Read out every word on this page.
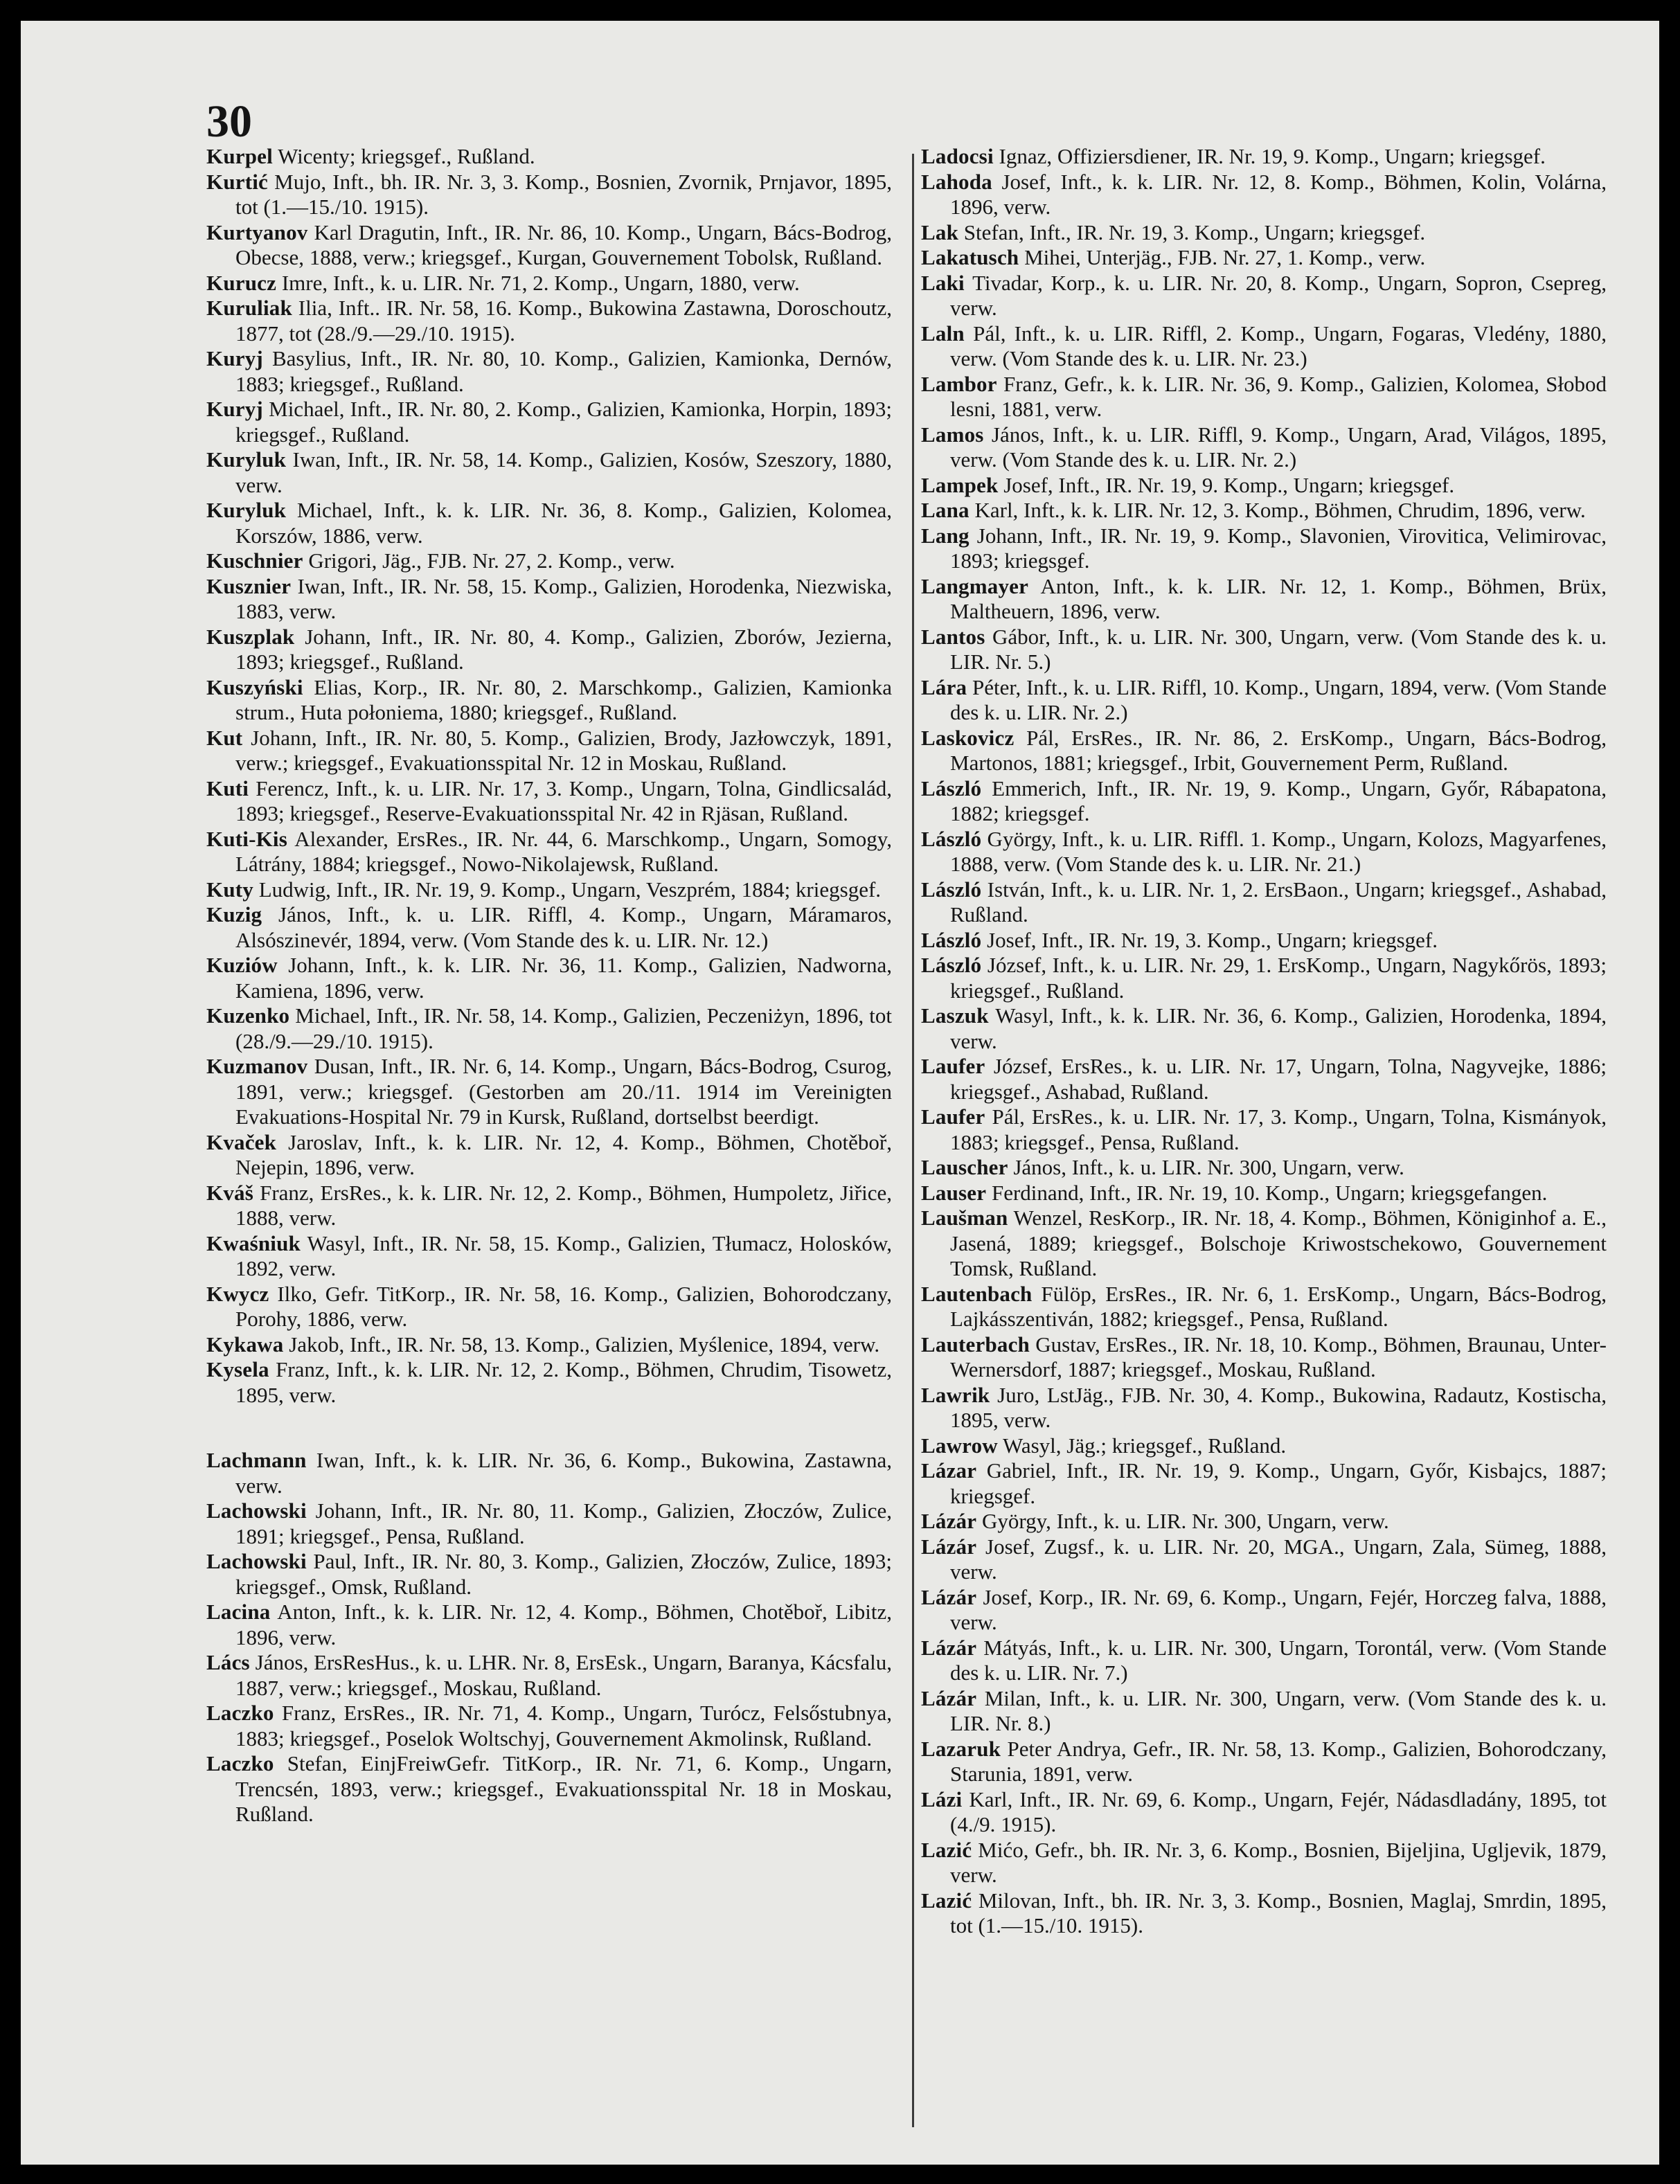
30

Kurpel Wicenty; kriegsgef., Rußland.

Kurtić Mujo, Inft., bh. IR. Nr. 3, 3. Komp., Bosnien, Zvornik, Prnjavor, 1895, tot (1.—15./10. 1915).

Kurtyanov Karl Dragutin, Inft., IR. Nr. 86, 10. Komp., Ungarn, Bács-Bodrog, Obecse, 1888, verw.; kriegsgef., Kurgan, Gouvernement Tobolsk, Rußland.

Kurucz Imre, Inft., k. u. LIR. Nr. 71, 2. Komp., Ungarn, 1880, verw.

Kuruliak Ilia, Inft.. IR. Nr. 58, 16. Komp., Bukowina Zastawna, Doroschoutz, 1877, tot (28./9.—29./10. 1915).

Kuryj Basylius, Inft., IR. Nr. 80, 10. Komp., Galizien, Kamionka, Dernów, 1883; kriegsgef., Rußland.

Kuryj Michael, Inft., IR. Nr. 80, 2. Komp., Galizien, Kamionka, Horpin, 1893; kriegsgef., Rußland.

Kuryluk Iwan, Inft., IR. Nr. 58, 14. Komp., Galizien, Kosów, Szeszory, 1880, verw.

Kuryluk Michael, Inft., k. k. LIR. Nr. 36, 8. Komp., Galizien, Kolomea, Korszów, 1886, verw.

Kuschnier Grigori, Jäg., FJB. Nr. 27, 2. Komp., verw.

Kusznier Iwan, Inft., IR. Nr. 58, 15. Komp., Galizien, Horodenka, Niezwiska, 1883, verw.

Kuszplak Johann, Inft., IR. Nr. 80, 4. Komp., Galizien, Zborów, Jezierna, 1893; kriegsgef., Rußland.

Kuszyński Elias, Korp., IR. Nr. 80, 2. Marschkomp., Galizien, Kamionka strum., Huta połoniema, 1880; kriegsgef., Rußland.

Kut Johann, Inft., IR. Nr. 80, 5. Komp., Galizien, Brody, Jazłowczyk, 1891, verw.; kriegsgef., Evakuationsspital Nr. 12 in Moskau, Rußland.

Kuti Ferencz, Inft., k. u. LIR. Nr. 17, 3. Komp., Ungarn, Tolna, Gindlicsalád, 1893; kriegsgef., Reserve-Evakuationsspital Nr. 42 in Rjäsan, Rußland.

Kuti-Kis Alexander, ErsRes., IR. Nr. 44, 6. Marschkomp., Ungarn, Somogy, Látrány, 1884; kriegsgef., Nowo-Nikolajewsk, Rußland.

Kuty Ludwig, Inft., IR. Nr. 19, 9. Komp., Ungarn, Veszprém, 1884; kriegsgef.

Kuzig János, Inft., k. u. LIR. Riffl, 4. Komp., Ungarn, Máramaros, Alsószinevér, 1894, verw. (Vom Stande des k. u. LIR. Nr. 12.)

Kuziów Johann, Inft., k. k. LIR. Nr. 36, 11. Komp., Galizien, Nadworna, Kamiena, 1896, verw.

Kuzenko Michael, Inft., IR. Nr. 58, 14. Komp., Galizien, Peczeniżyn, 1896, tot (28./9.—29./10. 1915).

Kuzmanov Dusan, Inft., IR. Nr. 6, 14. Komp., Ungarn, Bács-Bodrog, Csurog, 1891, verw.; kriegsgef. (Gestorben am 20./11. 1914 im Vereinigten Evakuations-Hospital Nr. 79 in Kursk, Rußland, dortselbst beerdigt.

Kvaček Jaroslav, Inft., k. k. LIR. Nr. 12, 4. Komp., Böhmen, Chotěboř, Nejepin, 1896, verw.

Kváš Franz, ErsRes., k. k. LIR. Nr. 12, 2. Komp., Böhmen, Humpoletz, Jiřice, 1888, verw.

Kwaśniuk Wasyl, Inft., IR. Nr. 58, 15. Komp., Galizien, Tłumacz, Holosków, 1892, verw.

Kwycz Ilko, Gefr. TitKorp., IR. Nr. 58, 16. Komp., Galizien, Bohorodczany, Porohy, 1886, verw.

Kykawa Jakob, Inft., IR. Nr. 58, 13. Komp., Galizien, Myślenice, 1894, verw.

Kysela Franz, Inft., k. k. LIR. Nr. 12, 2. Komp., Böhmen, Chrudim, Tisowetz, 1895, verw.

Lachmann Iwan, Inft., k. k. LIR. Nr. 36, 6. Komp., Bukowina, Zastawna, verw.

Lachowski Johann, Inft., IR. Nr. 80, 11. Komp., Galizien, Złoczów, Zulice, 1891; kriegsgef., Pensa, Rußland.

Lachowski Paul, Inft., IR. Nr. 80, 3. Komp., Galizien, Złoczów, Zulice, 1893; kriegsgef., Omsk, Rußland.

Lacina Anton, Inft., k. k. LIR. Nr. 12, 4. Komp., Böhmen, Chotěboř, Libitz, 1896, verw.

Lács János, ErsResHus., k. u. LHR. Nr. 8, ErsEsk., Ungarn, Baranya, Kácsfalu, 1887, verw.; kriegsgef., Moskau, Rußland.

Laczko Franz, ErsRes., IR. Nr. 71, 4. Komp., Ungarn, Turócz, Felsőstubnya, 1883; kriegsgef., Poselok Woltschyj, Gouvernement Akmolinsk, Rußland.

Laczko Stefan, EinjFreiwGefr. TitKorp., IR. Nr. 71, 6. Komp., Ungarn, Trencsén, 1893, verw.; kriegsgef., Evakuationsspital Nr. 18 in Moskau, Rußland.

Ladocsi Ignaz, Offiziersdiener, IR. Nr. 19, 9. Komp., Ungarn; kriegsgef.

Lahoda Josef, Inft., k. k. LIR. Nr. 12, 8. Komp., Böhmen, Kolin, Volárna, 1896, verw.

Lak Stefan, Inft., IR. Nr. 19, 3. Komp., Ungarn; kriegsgef.

Lakatusch Mihei, Unterjäg., FJB. Nr. 27, 1. Komp., verw.

Laki Tivadar, Korp., k. u. LIR. Nr. 20, 8. Komp., Ungarn, Sopron, Csepreg, verw.

Laln Pál, Inft., k. u. LIR. Riffl, 2. Komp., Ungarn, Fogaras, Vledény, 1880, verw. (Vom Stande des k. u. LIR. Nr. 23.)

Lambor Franz, Gefr., k. k. LIR. Nr. 36, 9. Komp., Galizien, Kolomea, Słobod lesni, 1881, verw.

Lamos János, Inft., k. u. LIR. Riffl, 9. Komp., Ungarn, Arad, Világos, 1895, verw. (Vom Stande des k. u. LIR. Nr. 2.)

Lampek Josef, Inft., IR. Nr. 19, 9. Komp., Ungarn; kriegsgef.

Lana Karl, Inft., k. k. LIR. Nr. 12, 3. Komp., Böhmen, Chrudim, 1896, verw.

Lang Johann, Inft., IR. Nr. 19, 9. Komp., Slavonien, Virovitica, Velimirovac, 1893; kriegsgef.

Langmayer Anton, Inft., k. k. LIR. Nr. 12, 1. Komp., Böhmen, Brüx, Maltheuern, 1896, verw.

Lantos Gábor, Inft., k. u. LIR. Nr. 300, Ungarn, verw. (Vom Stande des k. u. LIR. Nr. 5.)

Lára Péter, Inft., k. u. LIR. Riffl, 10. Komp., Ungarn, 1894, verw. (Vom Stande des k. u. LIR. Nr. 2.)

Laskovicz Pál, ErsRes., IR. Nr. 86, 2. ErsKomp., Ungarn, Bács-Bodrog, Martonos, 1881; kriegsgef., Irbit, Gouvernement Perm, Rußland.

László Emmerich, Inft., IR. Nr. 19, 9. Komp., Ungarn, Győr, Rábapatona, 1882; kriegsgef.

László György, Inft., k. u. LIR. Riffl. 1. Komp., Ungarn, Kolozs, Magyarfenes, 1888, verw. (Vom Stande des k. u. LIR. Nr. 21.)

László István, Inft., k. u. LIR. Nr. 1, 2. ErsBaon., Ungarn; kriegsgef., Ashabad, Rußland.

László Josef, Inft., IR. Nr. 19, 3. Komp., Ungarn; kriegsgef.

László József, Inft., k. u. LIR. Nr. 29, 1. ErsKomp., Ungarn, Nagykőrös, 1893; kriegsgef., Rußland.

Laszuk Wasyl, Inft., k. k. LIR. Nr. 36, 6. Komp., Galizien, Horodenka, 1894, verw.

Laufer József, ErsRes., k. u. LIR. Nr. 17, Ungarn, Tolna, Nagyvejke, 1886; kriegsgef., Ashabad, Rußland.

Laufer Pál, ErsRes., k. u. LIR. Nr. 17, 3. Komp., Ungarn, Tolna, Kismányok, 1883; kriegsgef., Pensa, Rußland.

Lauscher János, Inft., k. u. LIR. Nr. 300, Ungarn, verw.

Lauser Ferdinand, Inft., IR. Nr. 19, 10. Komp., Ungarn; kriegsgefangen.

Laušman Wenzel, ResKorp., IR. Nr. 18, 4. Komp., Böhmen, Königinhof a. E., Jasená, 1889; kriegsgef., Bolschoje Kriwostschekowo, Gouvernement Tomsk, Rußland.

Lautenbach Fülöp, ErsRes., IR. Nr. 6, 1. ErsKomp., Ungarn, Bács-Bodrog, Lajkásszentiván, 1882; kriegsgef., Pensa, Rußland.

Lauterbach Gustav, ErsRes., IR. Nr. 18, 10. Komp., Böhmen, Braunau, Unter-Wernersdorf, 1887; kriegsgef., Moskau, Rußland.

Lawrik Juro, LstJäg., FJB. Nr. 30, 4. Komp., Bukowina, Radautz, Kostischa, 1895, verw.

Lawrow Wasyl, Jäg.; kriegsgef., Rußland.

Lázar Gabriel, Inft., IR. Nr. 19, 9. Komp., Ungarn, Győr, Kisbajcs, 1887; kriegsgef.

Lázár György, Inft., k. u. LIR. Nr. 300, Ungarn, verw.

Lázár Josef, Zugsf., k. u. LIR. Nr. 20, MGA., Ungarn, Zala, Sümeg, 1888, verw.

Lázár Josef, Korp., IR. Nr. 69, 6. Komp., Ungarn, Fejér, Horczeg falva, 1888, verw.

Lázár Mátyás, Inft., k. u. LIR. Nr. 300, Ungarn, Torontál, verw. (Vom Stande des k. u. LIR. Nr. 7.)

Lázár Milan, Inft., k. u. LIR. Nr. 300, Ungarn, verw. (Vom Stande des k. u. LIR. Nr. 8.)

Lazaruk Peter Andrya, Gefr., IR. Nr. 58, 13. Komp., Galizien, Bohorodczany, Starunia, 1891, verw.

Lázi Karl, Inft., IR. Nr. 69, 6. Komp., Ungarn, Fejér, Nádasdladány, 1895, tot (4./9. 1915).

Lazić Mićo, Gefr., bh. IR. Nr. 3, 6. Komp., Bosnien, Bijeljina, Ugljevik, 1879, verw.

Lazić Milovan, Inft., bh. IR. Nr. 3, 3. Komp., Bosnien, Maglaj, Smrdin, 1895, tot (1.—15./10. 1915).
